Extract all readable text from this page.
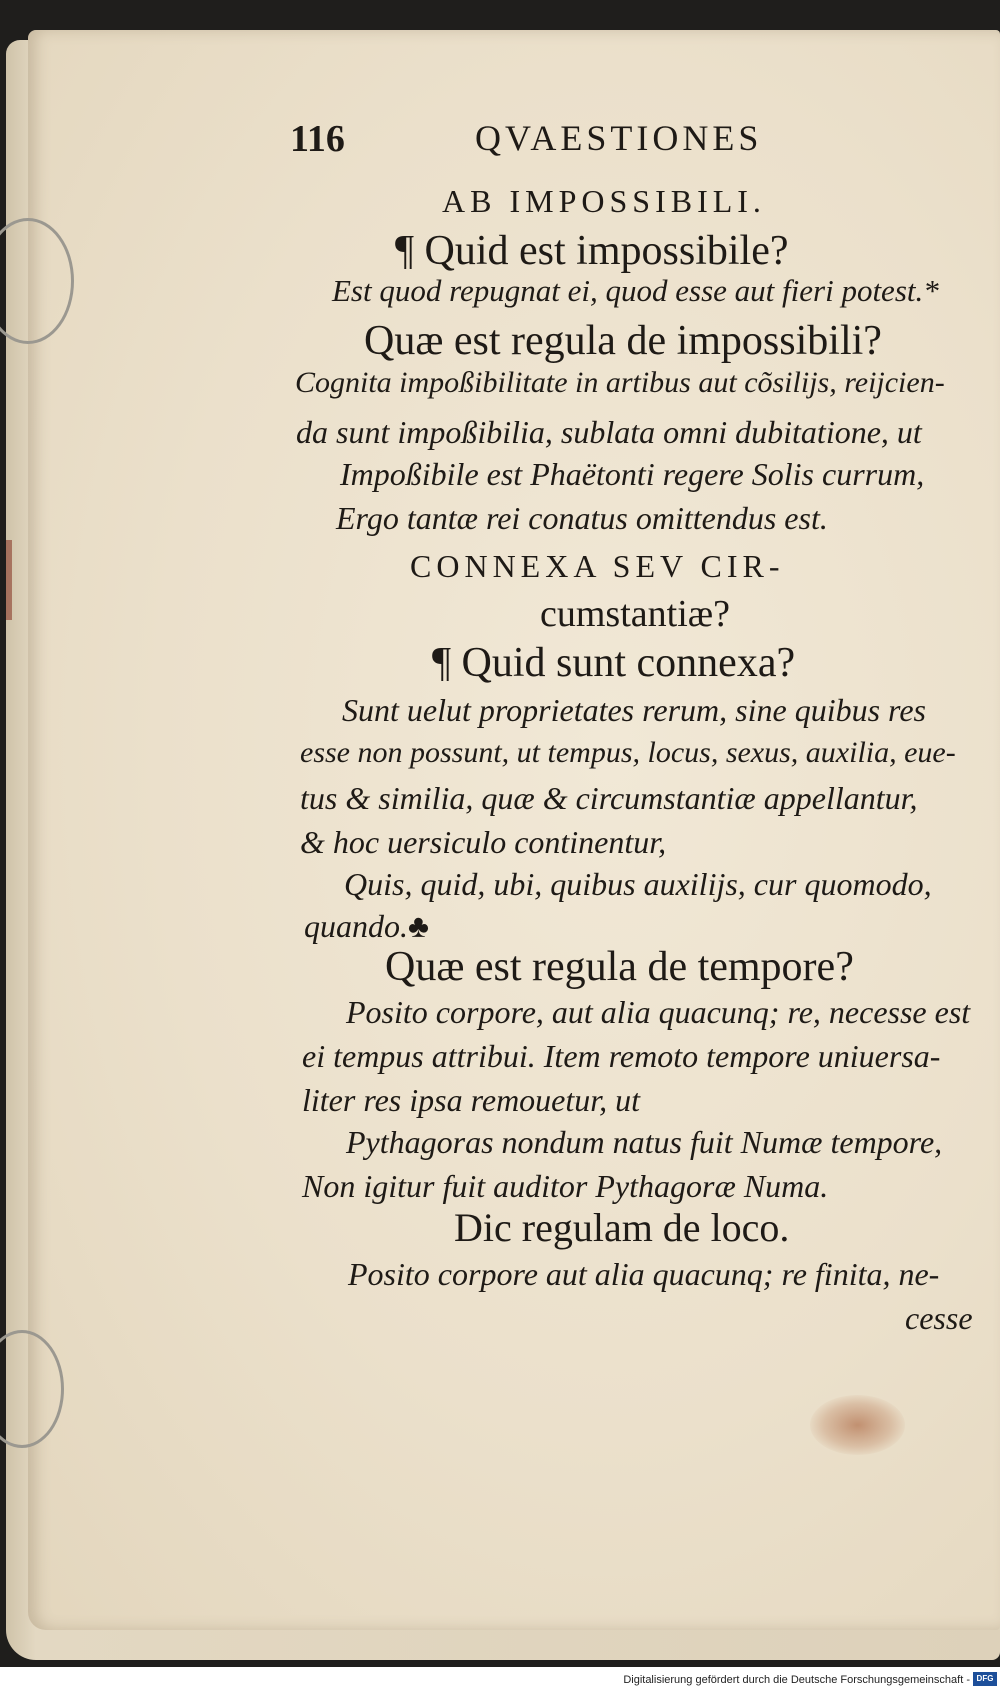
116	QVAESTIONES
AB IMPOSSIBILI.
¶ Quid est impossibile?
Est quod repugnat ei, quod esse aut fieri potest.*
Quæ est regula de impossibili?
Cognita impoßibilitate in artibus aut cõsilijs, reijcien-
da sunt impoßibilia, sublata omni dubitatione, ut
Impoßibile est Phaëtonti regere Solis currum,
Ergo tantæ rei conatus omittendus est.
CONNEXA SEV CIR-
cumstantiæ?
¶ Quid sunt connexa?
Sunt uelut proprietates rerum, sine quibus res
esse non possunt, ut tempus, locus, sexus, auxilia, eue-
tus & similia, quæ & circumstantiæ appellantur,
& hoc uersiculo continentur,
Quis, quid, ubi, quibus auxilijs, cur quomodo,
quando.♣
Quæ est regula de tempore?
Posito corpore, aut alia quacunq; re, necesse est
ei tempus attribui. Item remoto tempore uniuersa-
liter res ipsa remouetur, ut
Pythagoras nondum natus fuit Numæ tempore,
Non igitur fuit auditor Pythagoræ Numa.
Dic regulam de loco.
Posito corpore aut alia quacunq; re finita, ne-
cesse
Digitalisierung gefördert durch die Deutsche Forschungsgemeinschaft - DFG
